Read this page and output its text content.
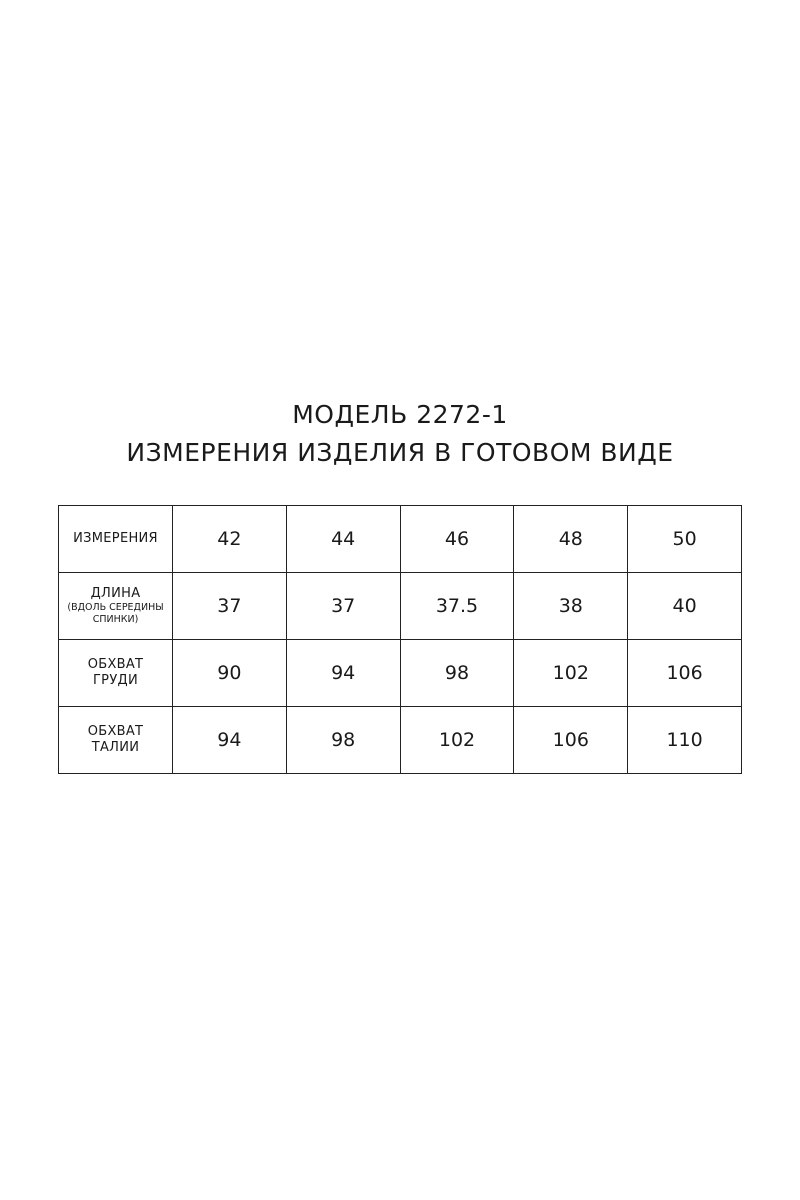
МОДЕЛЬ 2272-1
ИЗМЕРЕНИЯ ИЗДЕЛИЯ В ГОТОВОМ ВИДЕ
ИЗМЕРЕНИЯ	42	44	46	48	50

ДЛИНА
(ВДОЛЬ СЕРЕДИНЫ СПИНКИ)	37	37	37.5	38	40

ОБХВАТ
ГРУДИ	90	94	98	102	106

ОБХВАТ
ТАЛИИ	94	98	102	106	110
